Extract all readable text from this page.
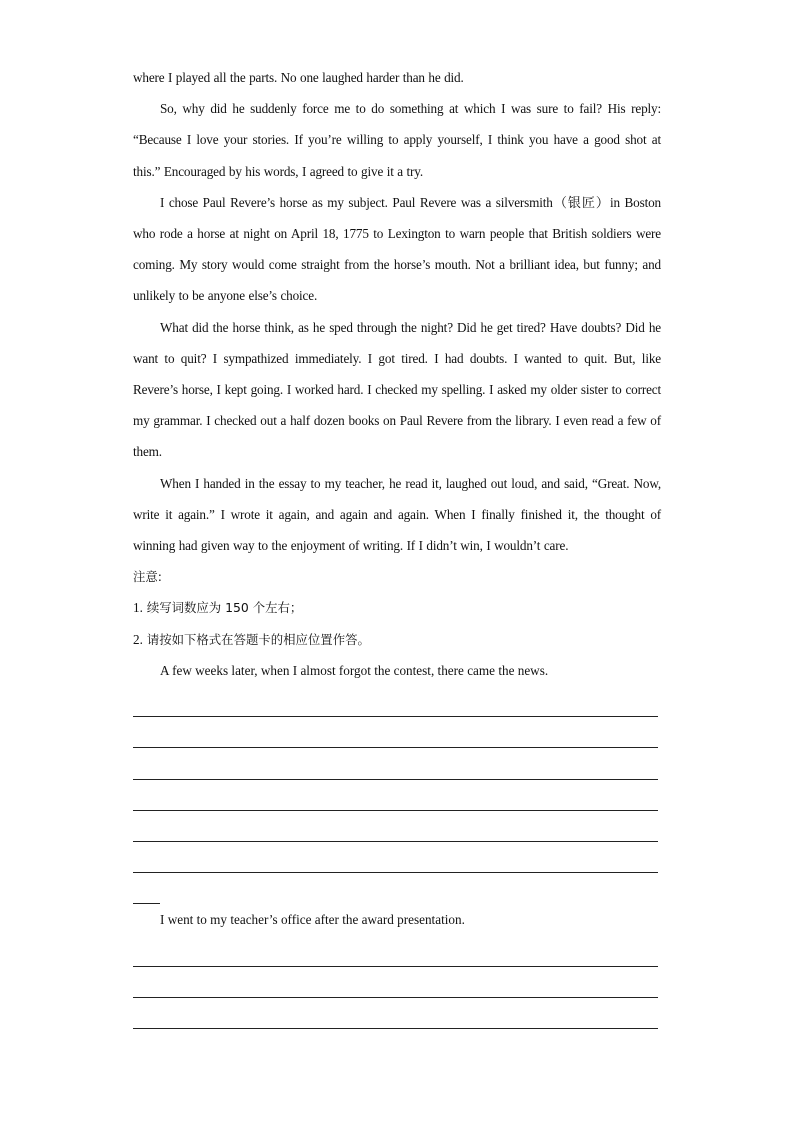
where I played all the parts. No one laughed harder than he did.

So, why did he suddenly force me to do something at which I was sure to fail? His reply: “Because I love your stories. If you’re willing to apply yourself, I think you have a good shot at this.” Encouraged by his words, I agreed to give it a try.

I chose Paul Revere’s horse as my subject. Paul Revere was a silversmith（银匠）in Boston who rode a horse at night on April 18, 1775 to Lexington to warn people that British soldiers were coming. My story would come straight from the horse’s mouth. Not a brilliant idea, but funny; and unlikely to be anyone else’s choice.

What did the horse think, as he sped through the night? Did he get tired? Have doubts? Did he want to quit? I sympathized immediately. I got tired. I had doubts. I wanted to quit. But, like Revere’s horse, I kept going. I worked hard. I checked my spelling. I asked my older sister to correct my grammar. I checked out a half dozen books on Paul Revere from the library. I even read a few of them.

When I handed in the essay to my teacher, he read it, laughed out loud, and said, “Great. Now, write it again.” I wrote it again, and again and again. When I finally finished it, the thought of winning had given way to the enjoyment of writing. If I didn’t win, I wouldn’t care.

注意:

1. 续写词数应为 150 个左右；

2. 请按如下格式在答题卡的相应位置作答。

A few weeks later, when I almost forgot the contest, there came the news.

I went to my teacher’s office after the award presentation.
